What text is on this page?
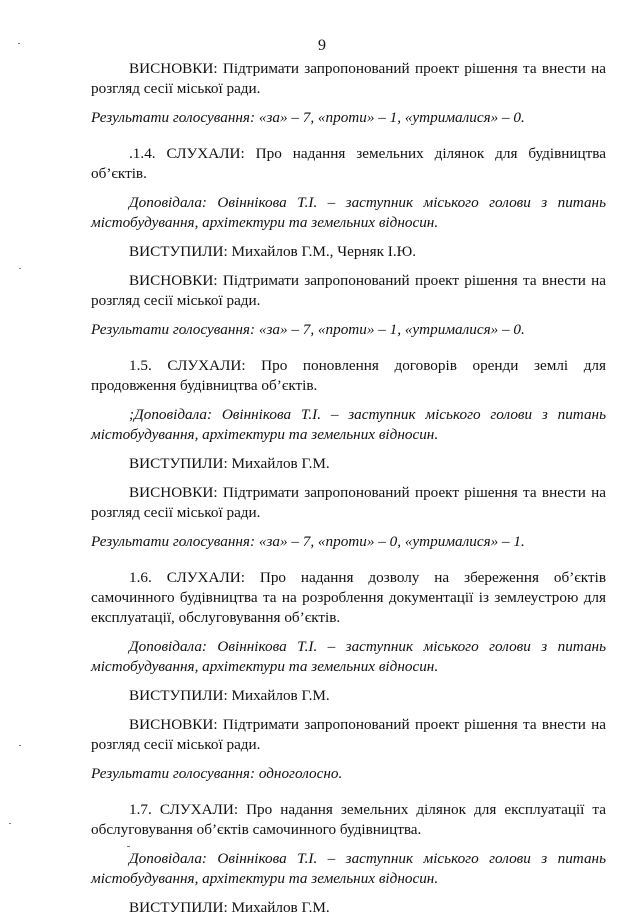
9

ВИСНОВКИ: Підтримати запропонований проект рішення та внести на розгляд сесії міської ради.

Результати голосування: «за» – 7, «проти» – 1, «утрималися» – 0.

.1.4. СЛУХАЛИ: Про надання земельних ділянок для будівництва об’єктів.

Доповідала: Овіннікова Т.І. – заступник міського голови з питань містобудування, архітектури та земельних відносин.

ВИСТУПИЛИ: Михайлов Г.М., Черняк І.Ю.

ВИСНОВКИ: Підтримати запропонований проект рішення та внести на розгляд сесії міської ради.

Результати голосування: «за» – 7, «проти» – 1, «утрималися» – 0.

1.5. СЛУХАЛИ: Про поновлення договорів оренди землі для продовження будівництва об’єктів.

;Доповідала: Овіннікова Т.І. – заступник міського голови з питань містобудування, архітектури та земельних відносин.

ВИСТУПИЛИ: Михайлов Г.М.

ВИСНОВКИ: Підтримати запропонований проект рішення та внести на розгляд сесії міської ради.

Результати голосування: «за» – 7, «проти» – 0, «утрималися» – 1.

1.6. СЛУХАЛИ: Про надання дозволу на збереження об’єктів самочинного будівництва та на розроблення документації із землеустрою для експлуатації, обслуговування об’єктів.

Доповідала: Овіннікова Т.І. – заступник міського голови з питань містобудування, архітектури та земельних відносин.

ВИСТУПИЛИ: Михайлов Г.М.

ВИСНОВКИ: Підтримати запропонований проект рішення та внести на розгляд сесії міської ради.

Результати голосування: одноголосно.

1.7. СЛУХАЛИ: Про надання земельних ділянок для експлуатації та обслуговування об’єктів самочинного будівництва.

Доповідала: Овіннікова Т.І. – заступник міського голови з питань містобудування, архітектури та земельних відносин.

ВИСТУПИЛИ: Михайлов Г.М.
